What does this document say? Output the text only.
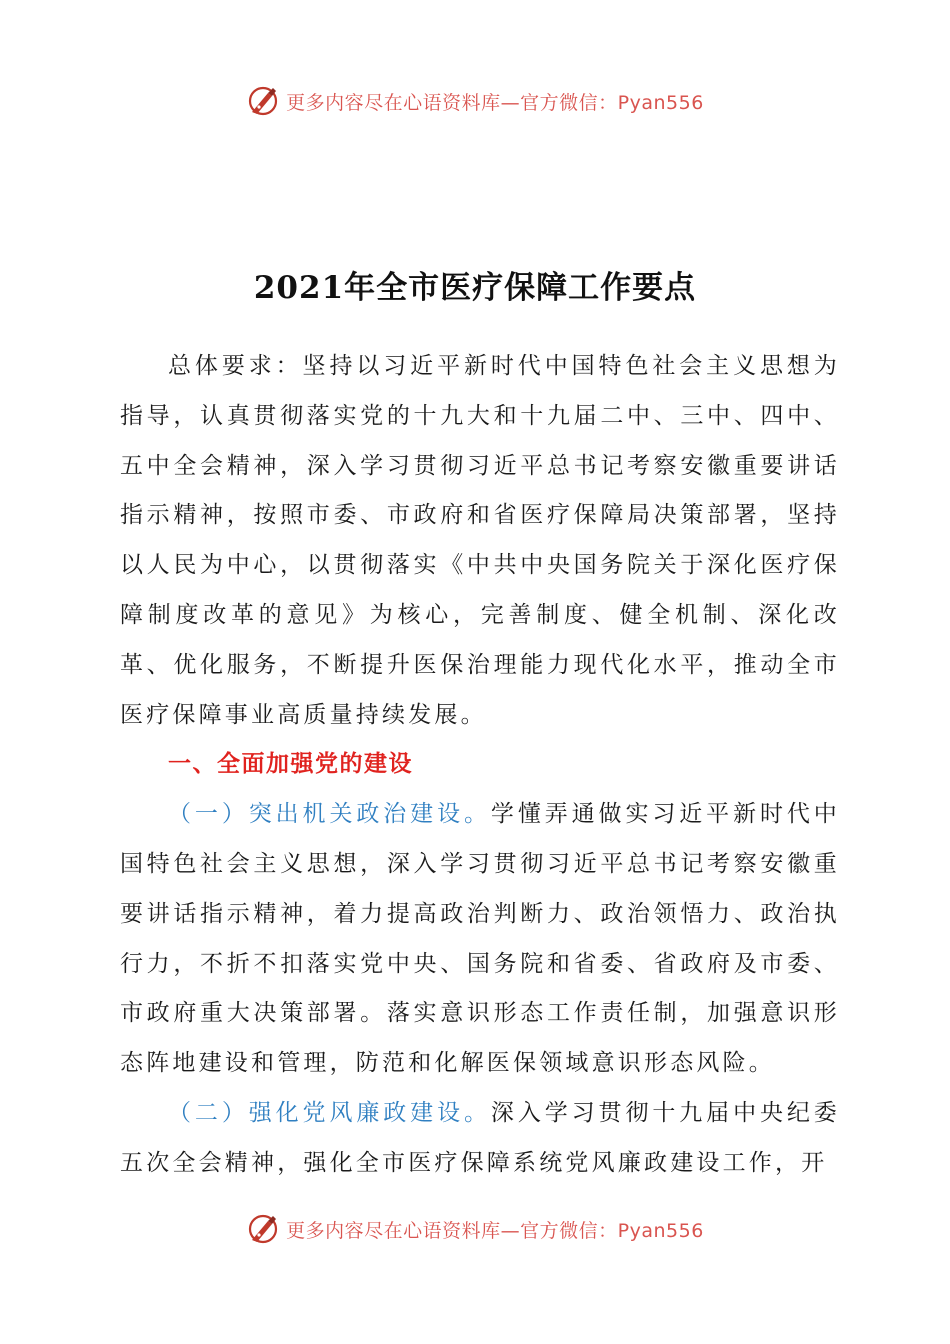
更多内容尽在心语资料库—官方微信：Pyan556
2021年全市医疗保障工作要点

总体要求：坚持以习近平新时代中国特色社会主义思想为指导，认真贯彻落实党的十九大和十九届二中、三中、四中、五中全会精神，深入学习贯彻习近平总书记考察安徽重要讲话指示精神，按照市委、市政府和省医疗保障局决策部署，坚持以人民为中心，以贯彻落实《中共中央国务院关于深化医疗保障制度改革的意见》为核心，完善制度、健全机制、深化改革、优化服务，不断提升医保治理能力现代化水平，推动全市医疗保障事业高质量持续发展。

一、全面加强党的建设

（一）突出机关政治建设。学懂弄通做实习近平新时代中国特色社会主义思想，深入学习贯彻习近平总书记考察安徽重要讲话指示精神，着力提高政治判断力、政治领悟力、政治执行力，不折不扣落实党中央、国务院和省委、省政府及市委、市政府重大决策部署。落实意识形态工作责任制，加强意识形态阵地建设和管理，防范和化解医保领域意识形态风险。

（二）强化党风廉政建设。深入学习贯彻十九届中央纪委五次全会精神，强化全市医疗保障系统党风廉政建设工作，开

更多内容尽在心语资料库—官方微信：Pyan556
